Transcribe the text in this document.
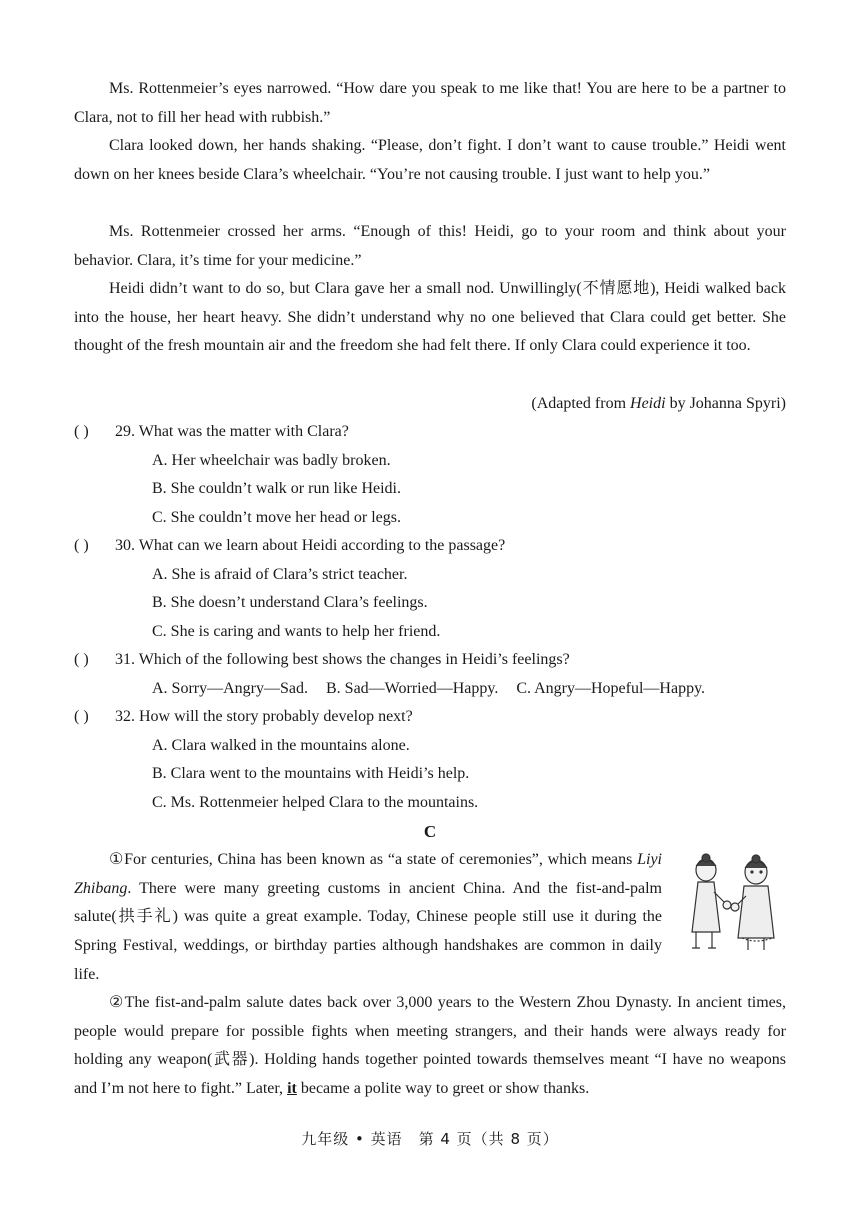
Ms. Rottenmeier’s eyes narrowed. “How dare you speak to me like that! You are here to be a partner to Clara, not to fill her head with rubbish.”

Clara looked down, her hands shaking. “Please, don’t fight. I don’t want to cause trouble.” Heidi went down on her knees beside Clara’s wheelchair. “You’re not causing trouble. I just want to help you.”

Ms. Rottenmeier crossed her arms. “Enough of this! Heidi, go to your room and think about your behavior. Clara, it’s time for your medicine.”

Heidi didn’t want to do so, but Clara gave her a small nod. Unwillingly(不情愿地), Heidi walked back into the house, her heart heavy. She didn’t understand why no one believed that Clara could get better. She thought of the fresh mountain air and the freedom she had felt there. If only Clara could experience it too.

(Adapted from Heidi by Johanna Spyri)
( ) 29. What was the matter with Clara?
A. Her wheelchair was badly broken.
B. She couldn’t walk or run like Heidi.
C. She couldn’t move her head or legs.
( ) 30. What can we learn about Heidi according to the passage?
A. She is afraid of Clara’s strict teacher.
B. She doesn’t understand Clara’s feelings.
C. She is caring and wants to help her friend.
( ) 31. Which of the following best shows the changes in Heidi’s feelings?
A. Sorry—Angry—Sad. B. Sad—Worried—Happy. C. Angry—Hopeful—Happy.
( ) 32. How will the story probably develop next?
A. Clara walked in the mountains alone.
B. Clara went to the mountains with Heidi’s help.
C. Ms. Rottenmeier helped Clara to the mountains.
C

①For centuries, China has been known as “a state of ceremonies”, which means Liyi Zhibang. There were many greeting customs in ancient China. And the fist-and-palm salute(拱手礼) was quite a great example. Today, Chinese people still use it during the Spring Festival, weddings, or birthday parties although handshakes are common in daily life.

②The fist-and-palm salute dates back over 3,000 years to the Western Zhou Dynasty. In ancient times, people would prepare for possible fights when meeting strangers, and their hands were always ready for holding any weapon(武器). Holding hands together pointed towards themselves meant “I have no weapons and I’m not here to fight.” Later, it became a polite way to greet or show thanks.

九年级 • 英语　第 4 页（共 8 页）
